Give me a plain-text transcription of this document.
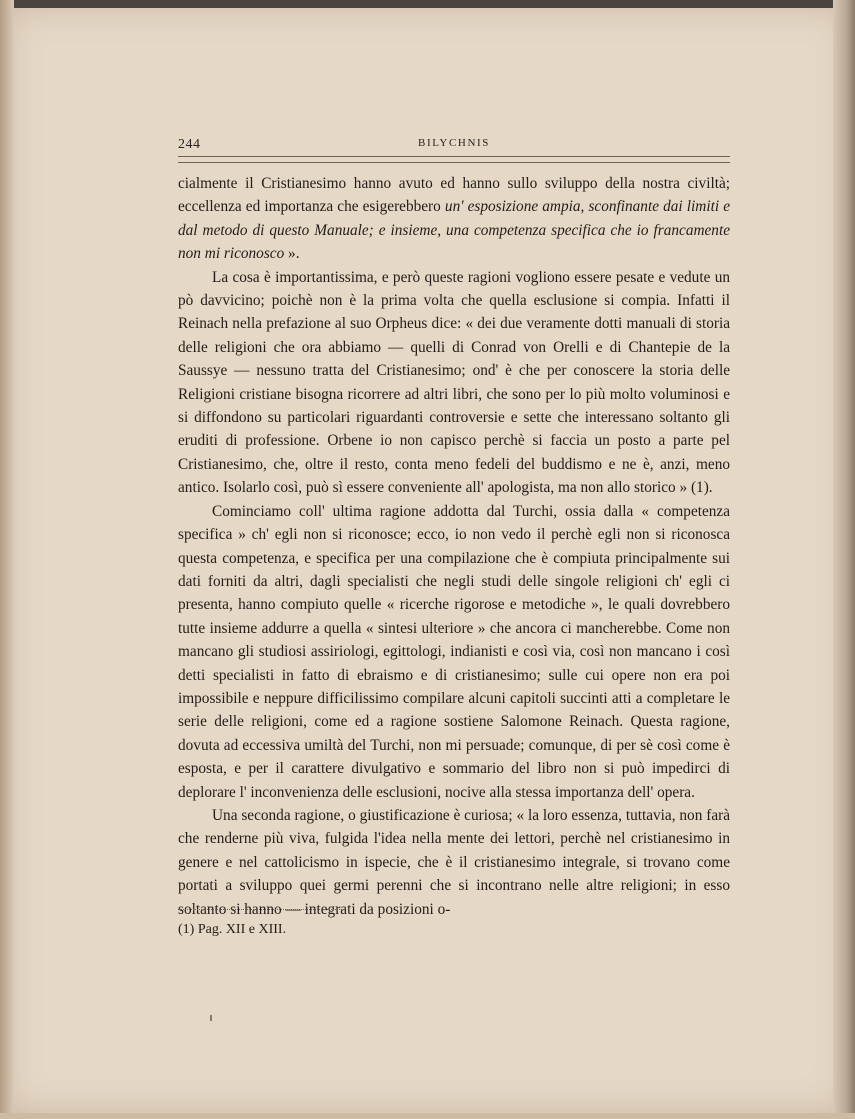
244	BILYCHNIS

cialmente il Cristianesimo hanno avuto ed hanno sullo sviluppo della nostra civiltà; eccellenza ed importanza che esigerebbero un' esposizione ampia, sconfinante dai limiti e dal metodo di questo Manuale; e insieme, una competenza specifica che io francamente non mi riconosco ».

La cosa è importantissima, e però queste ragioni vogliono essere pesate e vedute un pò davvicino; poichè non è la prima volta che quella esclusione si compia. Infatti il Reinach nella prefazione al suo Orpheus dice: « dei due veramente dotti manuali di storia delle religioni che ora abbiamo — quelli di Conrad von Orelli e di Chantepie de la Saussye — nessuno tratta del Cristianesimo; ond' è che per conoscere la storia delle Religioni cristiane bisogna ricorrere ad altri libri, che sono per lo più molto voluminosi e si diffondono su particolari riguardanti controversie e sette che interessano soltanto gli eruditi di professione. Orbene io non capisco perchè si faccia un posto a parte pel Cristianesimo, che, oltre il resto, conta meno fedeli del buddismo e ne è, anzi, meno antico. Isolarlo così, può sì essere conveniente all' apologista, ma non allo storico » (1).

Cominciamo coll' ultima ragione addotta dal Turchi, ossia dalla « competenza specifica » ch' egli non si riconosce; ecco, io non vedo il perchè egli non si riconosca questa competenza, e specifica per una compilazione che è compiuta principalmente sui dati forniti da altri, dagli specialisti che negli studi delle singole religioni ch' egli ci presenta, hanno compiuto quelle « ricerche rigorose e metodiche », le quali dovrebbero tutte insieme addurre a quella « sintesi ulteriore » che ancora ci mancherebbe. Come non mancano gli studiosi assiriologi, egittologi, indianisti e così via, così non mancano i così detti specialisti in fatto di ebraismo e di cristianesimo; sulle cui opere non era poi impossibile e neppure difficilissimo compilare alcuni capitoli succinti atti a completare le serie delle religioni, come ed a ragione sostiene Salomone Reinach. Questa ragione, dovuta ad eccessiva umiltà del Turchi, non mi persuade; comunque, di per sè così come è esposta, e per il carattere divulgativo e sommario del libro non si può impedirci di deplorare l' inconvenienza delle esclusioni, nocive alla stessa importanza dell' opera.

Una seconda ragione, o giustificazione è curiosa; « la loro essenza, tuttavia, non farà che renderne più viva, fulgida l'idea nella mente dei lettori, perchè nel cristianesimo in genere e nel cattolicismo in ispecie, che è il cristianesimo integrale, si trovano come portati a sviluppo quei germi perenni che si incontrano nelle altre religioni; in esso soltanto si hanno — integrati da posizioni o-

(1) Pag. XII e XIII.
